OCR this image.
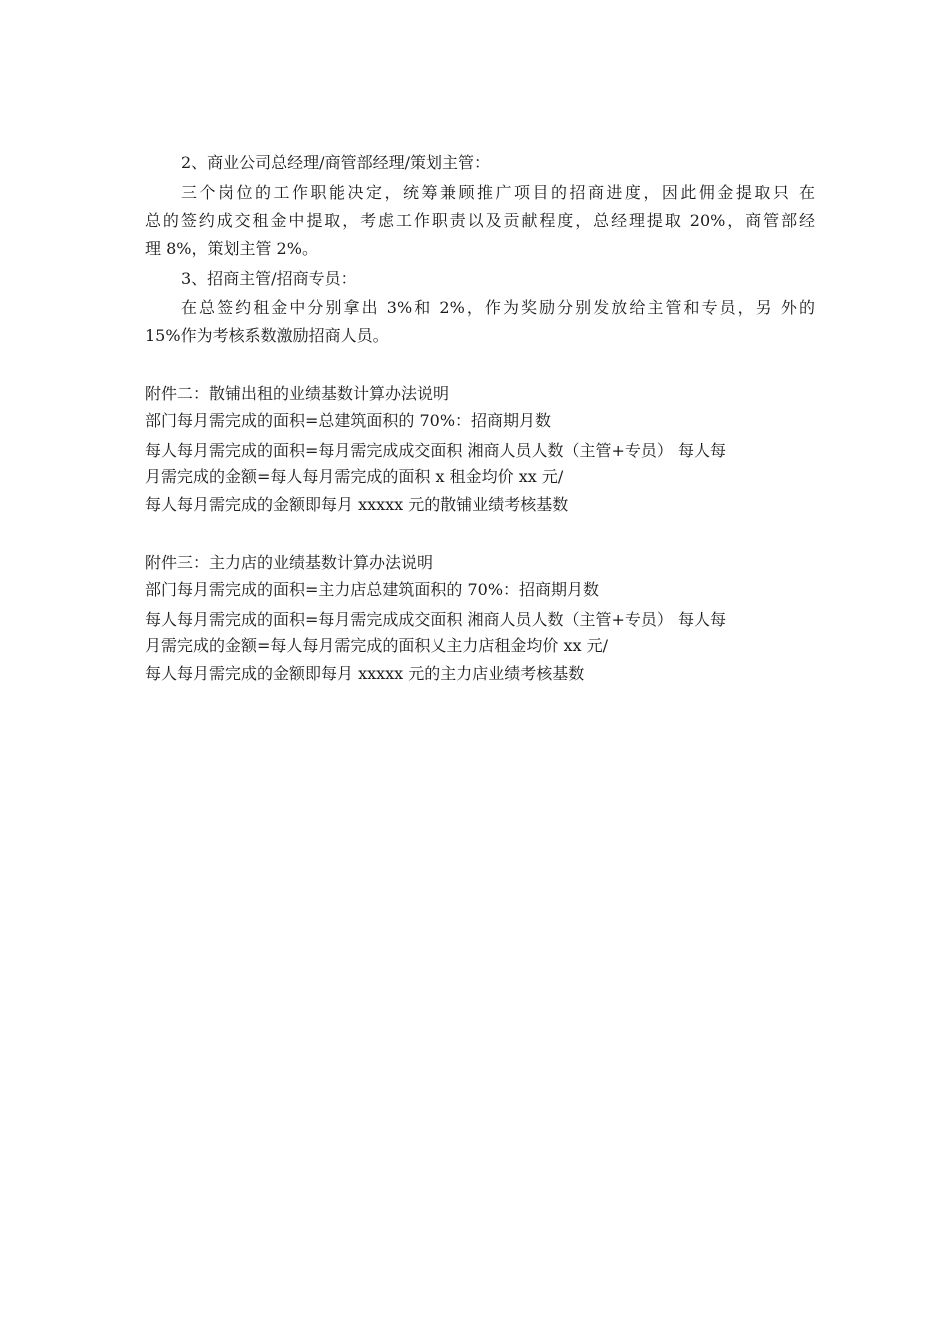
2、商业公司总经理/商管部经理/策划主管：
三个岗位的工作职能决定，统筹兼顾推广项目的招商进度，因此佣金提取只 在
总的签约成交租金中提取，考虑工作职责以及贡献程度，总经理提取 20%，商管部经
理 8%，策划主管 2%。
3、招商主管/招商专员：
在总签约租金中分别拿出 3%和 2%，作为奖励分别发放给主管和专员，另 外的
15%作为考核系数激励招商人员。
附件二：散铺出租的业绩基数计算办法说明
部门每月需完成的面积=总建筑面积的 70%：招商期月数
每人每月需完成的面积=每月需完成成交面积 湘商人员人数（主管+专员） 每人每
月需完成的金额=每人每月需完成的面积 x 租金均价 xx 元/
每人每月需完成的金额即每月 xxxxx 元的散铺业绩考核基数
附件三：主力店的业绩基数计算办法说明
部门每月需完成的面积=主力店总建筑面积的 70%：招商期月数
每人每月需完成的面积=每月需完成成交面积 湘商人员人数（主管+专员） 每人每
月需完成的金额=每人每月需完成的面积乂主力店租金均价 xx 元/
每人每月需完成的金额即每月 xxxxx 元的主力店业绩考核基数
